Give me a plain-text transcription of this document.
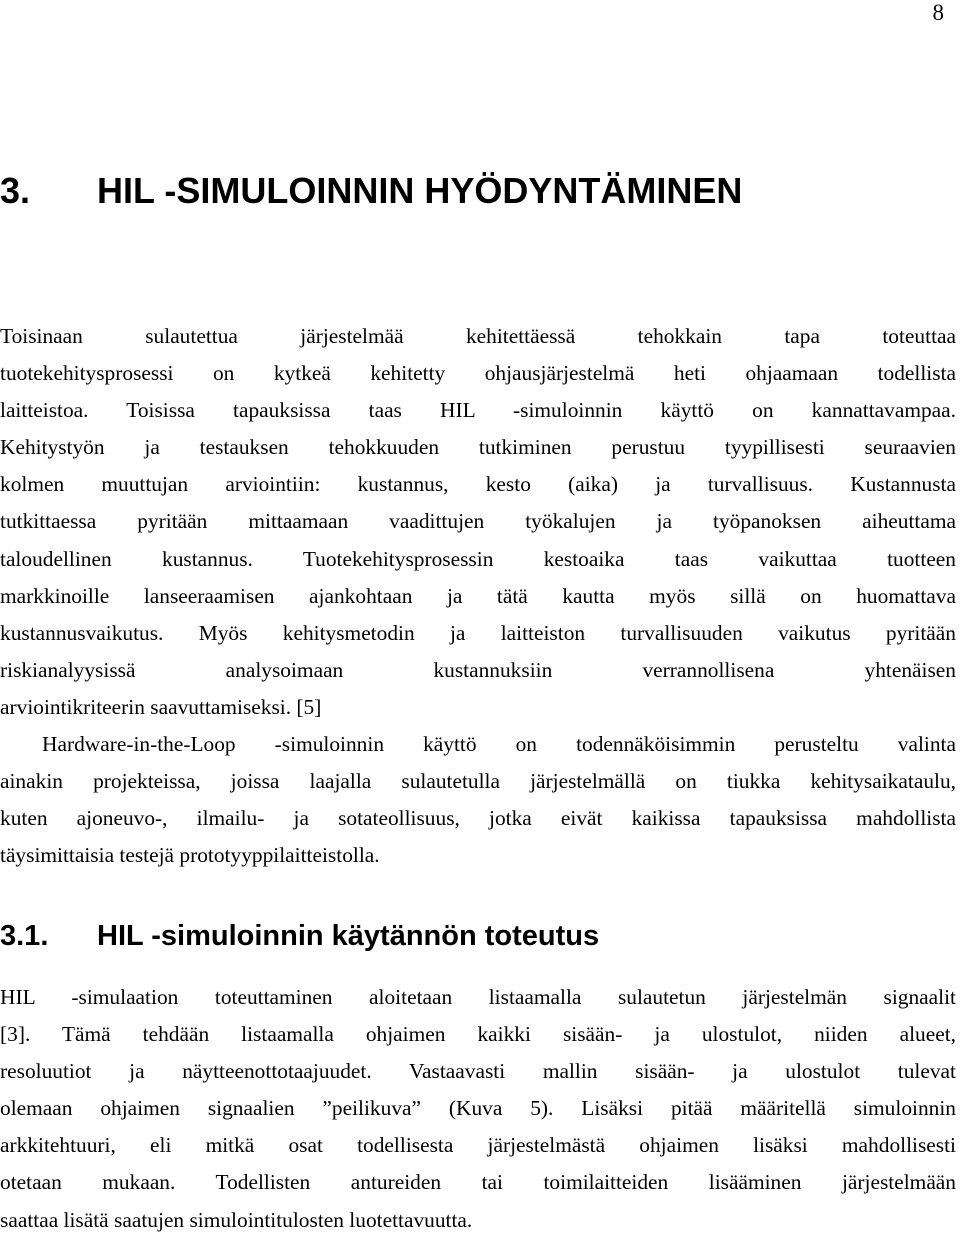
8
3. HIL -SIMULOINNIN HYÖDYNTÄMINEN
Toisinaan sulautettua järjestelmää kehitettäessä tehokkain tapa toteuttaa
tuotekehitysprosessi on kytkeä kehitetty ohjausjärjestelmä heti ohjaamaan todellista
laitteistoa. Toisissa tapauksissa taas HIL -simuloinnin käyttö on kannattavampaa.
Kehitystyön ja testauksen tehokkuuden tutkiminen perustuu tyypillisesti seuraavien
kolmen muuttujan arviointiin: kustannus, kesto (aika) ja turvallisuus. Kustannusta
tutkittaessa pyritään mittaamaan vaadittujen työkalujen ja työpanoksen aiheuttama
taloudellinen kustannus. Tuotekehitysprosessin kestoaika taas vaikuttaa tuotteen
markkinoille lanseeraamisen ajankohtaan ja tätä kautta myös sillä on huomattava
kustannusvaikutus. Myös kehitysmetodin ja laitteiston turvallisuuden vaikutus pyritään
riskianalyysissä analysoimaan kustannuksiin verrannollisena yhtenäisen
arviointikriteerin saavuttamiseksi. [5]
Hardware-in-the-Loop -simuloinnin käyttö on todennäköisimmin perusteltu valinta
ainakin projekteissa, joissa laajalla sulautetulla järjestelmällä on tiukka kehitysaikataulu,
kuten ajoneuvo-, ilmailu- ja sotateollisuus, jotka eivät kaikissa tapauksissa mahdollista
täysimittaisia testejä prototyyppilaitteistolla.
3.1. HIL -simuloinnin käytännön toteutus
HIL -simulaation toteuttaminen aloitetaan listaamalla sulautetun järjestelmän signaalit
[3]. Tämä tehdään listaamalla ohjaimen kaikki sisään- ja ulostulot, niiden alueet,
resoluutiot ja näytteenottotaajuudet. Vastaavasti mallin sisään- ja ulostulot tulevat
olemaan ohjaimen signaalien ”peilikuva” (Kuva 5). Lisäksi pitää määritellä simuloinnin
arkkitehtuuri, eli mitkä osat todellisesta järjestelmästä ohjaimen lisäksi mahdollisesti
otetaan mukaan. Todellisten antureiden tai toimilaitteiden lisääminen järjestelmään
saattaa lisätä saatujen simulointitulosten luotettavuutta.
